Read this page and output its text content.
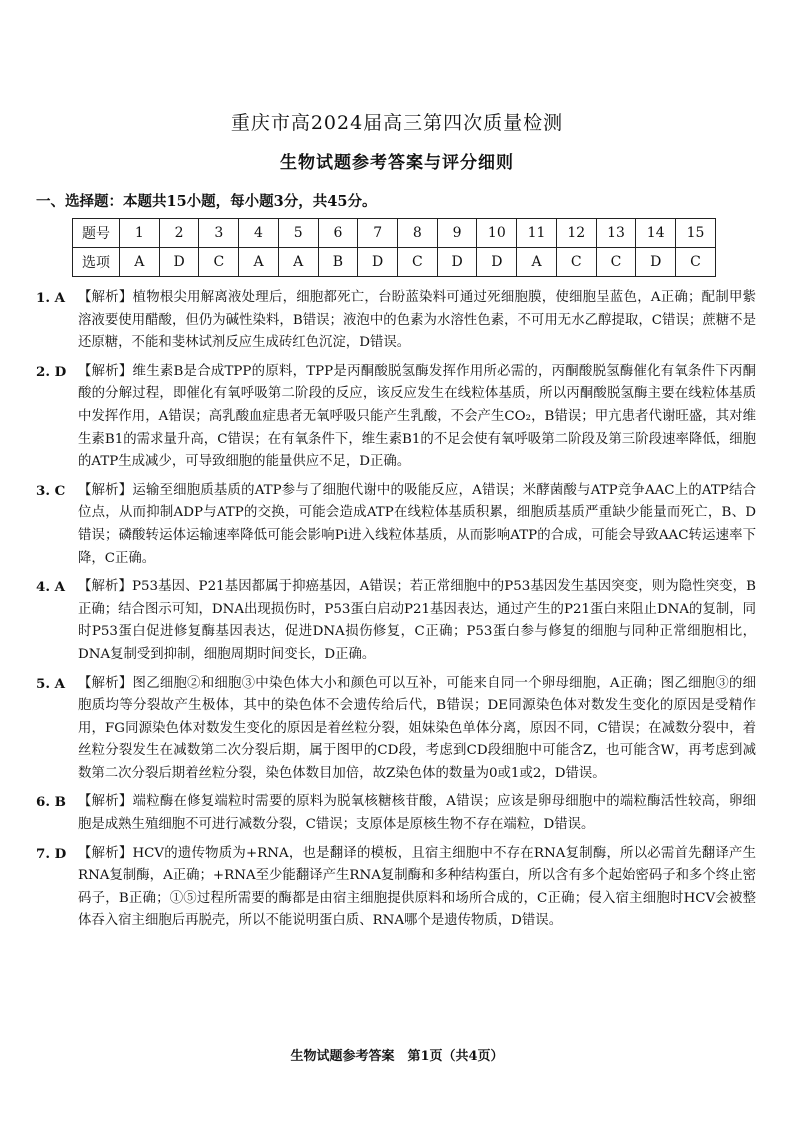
重庆市高2024届高三第四次质量检测
生物试题参考答案与评分细则
一、选择题：本题共15小题，每小题3分，共45分。
题号	1	2	3	4	5	6	7	8	9	10	11	12	13	14	15
选项	A	D	C	A	A	B	D	C	D	D	A	C	C	D	C
1. A 【解析】植物根尖用解离液处理后，细胞都死亡，台盼蓝染料可通过死细胞膜，使细胞呈蓝色，A正确；配制甲紫溶液要使用醋酸，但仍为碱性染料，B错误；液泡中的色素为水溶性色素，不可用无水乙醇提取，C错误；蔗糖不是还原糖，不能和斐林试剂反应生成砖红色沉淀，D错误。
2. D 【解析】维生素B是合成TPP的原料，TPP是丙酮酸脱氢酶发挥作用所必需的，丙酮酸脱氢酶催化有氧条件下丙酮酸的分解过程，即催化有氧呼吸第二阶段的反应，该反应发生在线粒体基质，所以丙酮酸脱氢酶主要在线粒体基质中发挥作用，A错误；高乳酸血症患者无氧呼吸只能产生乳酸，不会产生CO₂，B错误；甲亢患者代谢旺盛，其对维生素B1的需求量升高，C错误；在有氧条件下，维生素B1的不足会使有氧呼吸第二阶段及第三阶段速率降低，细胞的ATP生成减少，可导致细胞的能量供应不足，D正确。
3. C 【解析】运输至细胞质基质的ATP参与了细胞代谢中的吸能反应，A错误；米酵菌酸与ATP竞争AAC上的ATP结合位点，从而抑制ADP与ATP的交换，可能会造成ATP在线粒体基质积累，细胞质基质严重缺少能量而死亡，B、D错误；磷酸转运体运输速率降低可能会影响Pi进入线粒体基质，从而影响ATP的合成，可能会导致AAC转运速率下降，C正确。
4. A 【解析】P53基因、P21基因都属于抑癌基因，A错误；若正常细胞中的P53基因发生基因突变，则为隐性突变，B正确；结合图示可知，DNA出现损伤时，P53蛋白启动P21基因表达，通过产生的P21蛋白来阻止DNA的复制，同时P53蛋白促进修复酶基因表达，促进DNA损伤修复，C正确；P53蛋白参与修复的细胞与同种正常细胞相比，DNA复制受到抑制，细胞周期时间变长，D正确。
5. A 【解析】图乙细胞②和细胞③中染色体大小和颜色可以互补，可能来自同一个卵母细胞，A正确；图乙细胞③的细胞质均等分裂故产生极体，其中的染色体不会遗传给后代，B错误；DE同源染色体对数发生变化的原因是受精作用，FG同源染色体对数发生变化的原因是着丝粒分裂，姐妹染色单体分离，原因不同，C错误；在减数分裂中，着丝粒分裂发生在减数第二次分裂后期，属于图甲的CD段，考虑到CD段细胞中可能含Z，也可能含W，再考虑到减数第二次分裂后期着丝粒分裂，染色体数目加倍，故Z染色体的数量为0或1或2，D错误。
6. B 【解析】端粒酶在修复端粒时需要的原料为脱氧核糖核苷酸，A错误；应该是卵母细胞中的端粒酶活性较高，卵细胞是成熟生殖细胞不可进行减数分裂，C错误；支原体是原核生物不存在端粒，D错误。
7. D 【解析】HCV的遗传物质为+RNA，也是翻译的模板，且宿主细胞中不存在RNA复制酶，所以必需首先翻译产生RNA复制酶，A正确；+RNA至少能翻译产生RNA复制酶和多种结构蛋白，所以含有多个起始密码子和多个终止密码子，B正确；①⑤过程所需要的酶都是由宿主细胞提供原料和场所合成的，C正确；侵入宿主细胞时HCV会被整体吞入宿主细胞后再脱壳，所以不能说明蛋白质、RNA哪个是遗传物质，D错误。
生物试题参考答案　第1页（共4页）
